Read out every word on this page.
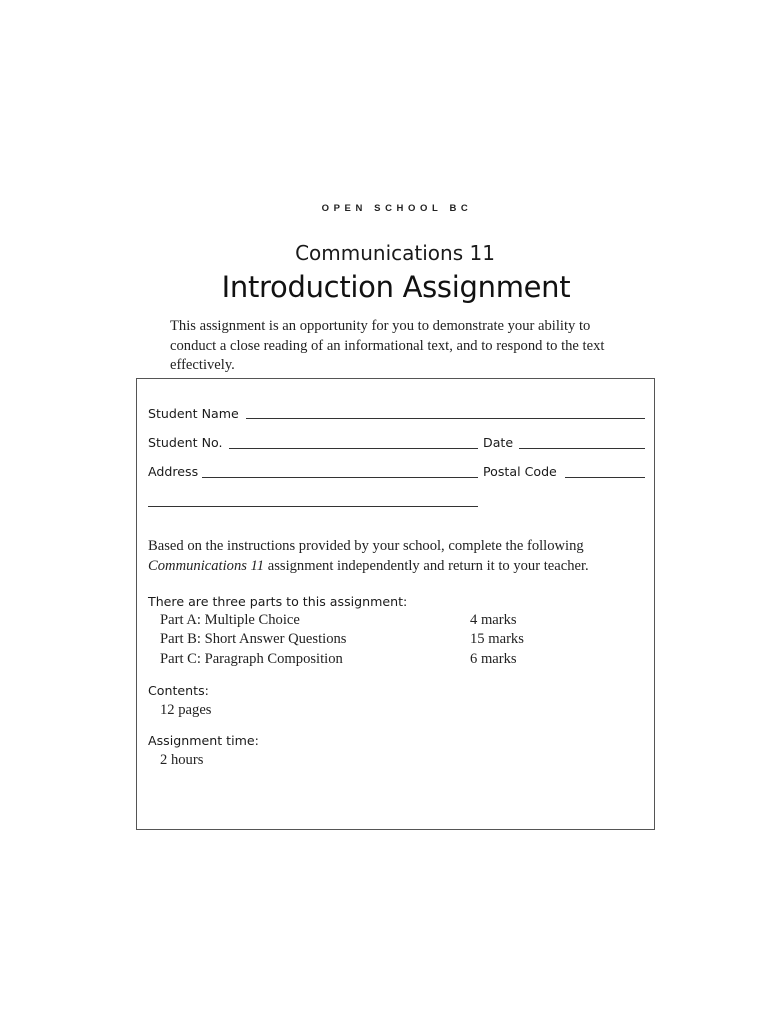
OPEN SCHOOL BC
Communications 11
Introduction Assignment
This assignment is an opportunity for you to demonstrate your ability to conduct a close reading of an informational text, and to respond to the text effectively.
Student Name
Student No.	Date
Address	Postal Code
Based on the instructions provided by your school, complete the following Communications 11 assignment independently and return it to your teacher.
There are three parts to this assignment:
Part A: Multiple Choice	4 marks
Part B: Short Answer Questions	15 marks
Part C: Paragraph Composition	6 marks
Contents:
12 pages
Assignment time:
2 hours
